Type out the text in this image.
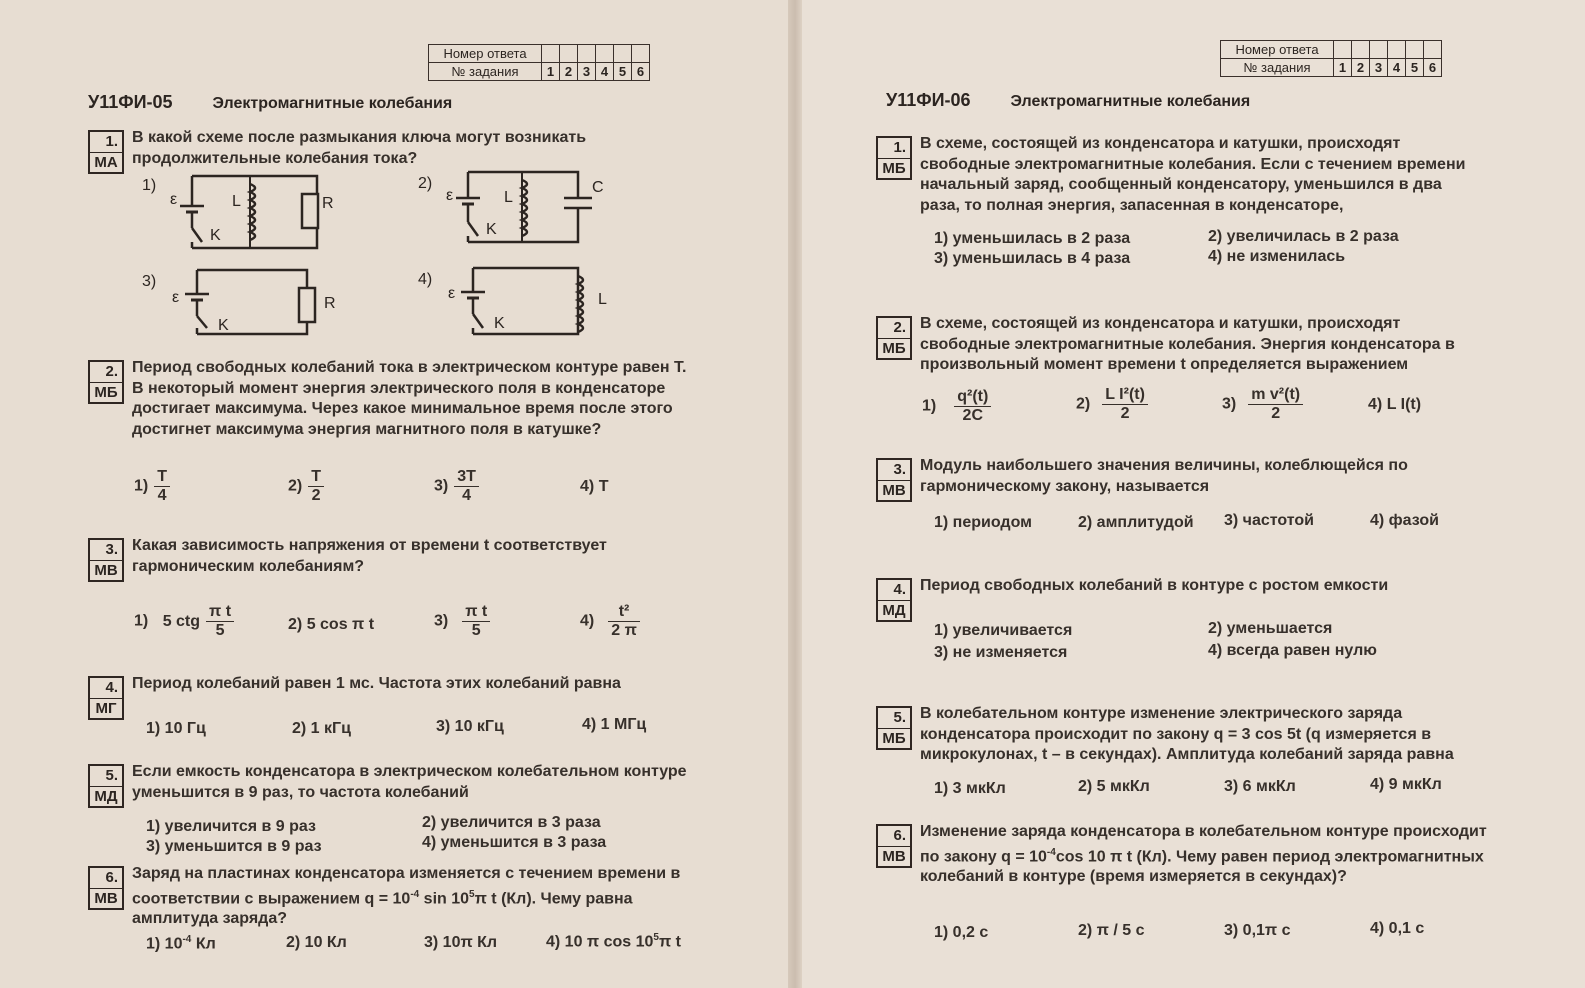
Номер ответа						
№ задания	1	2	3	4	5	6
У11ФИ-05	Электромагнитные колебания
1.
МА
В какой схеме после размыкания ключа могут возникать продолжительные колебания тока?
1)
ε	L	R
K
2)
ε	L
C
K
3)
ε	R
K
4)
ε	L
K
2.
МБ
Период свободных колебаний тока в электрическом контуре равен Т. В некоторый момент энергия электрического поля в конденсаторе достигает максимума. Через какое минимальное время после этого достигнет максимума энергия магнитного поля в катушке?
$1) \frac{T}{4}$	$2) \frac{T}{2}$	$3) \frac{3T}{4}$	4) T
3.
МВ
Какая зависимость напряжения от времени t соответствует гармоническим колебаниям?
1) 5 ctg $\frac{\text{π t}}{5}$	2) 5 cos π t	$3) \frac{\text{π t}}{5}$	$4) \frac{\text{t²}}{2 \pi}$
4.
МГ
Период колебаний равен 1 мс. Частота этих колебаний равна
1) 10 Гц	2) 1 кГц	3) 10 кГц	4) 1 МГц
5.
МД
Если емкость конденсатора в электрическом колебательном контуре уменьшится в 9 раз, то частота колебаний
1) увеличится в 9 раз	2) увеличится в 3 раза
3) уменьшится в 9 раз	4) уменьшится в 3 раза
6.
МВ
Заряд на пластинах конденсатора изменяется с течением времени в соответствии с выражением $q = 10^{-4}$ $\sin 10^5\pi$ t (Кл). Чему равна амплитуда заряда?
1) $10^{-4}$ Кл	2) 10 Кл	3) 10π Кл	4) 10 π $\cos 10^5\pi$ t
Номер ответа						
№ задания	1	2	3	4	5	6
У11ФИ-06	Электромагнитные колебания
1.
МБ
В схеме, состоящей из конденсатора и катушки, происходят свободные электромагнитные колебания. Если с течением времени начальный заряд, сообщенный конденсатору, уменьшился в два раза, то полная энергия, запасенная в конденсаторе,
1) уменьшилась в 2 раза	2) увеличилась в 2 раза
3) уменьшилась в 4 раза	4) не изменилась
2.
МБ
В схеме, состоящей из конденсатора и катушки, происходят свободные электромагнитные колебания. Энергия конденсатора в произвольный момент времени t определяется выражением
$1) \frac{\text{q²(t)}}{2C}$	$2) \frac{\text{L I²(t)}}{2}$	$3) \frac{\text{m v²(t)}}{2}$	4) L I(t)
3.
МВ
Модуль наибольшего значения величины, колеблющейся по гармоническому закону, называется
1) периодом	2) амплитудой 3) частотой	4) фазой
4.
МД
Период свободных колебаний в контуре с ростом емкости
1) увеличивается	2) уменьшается
3) не изменяется	4) всегда равен нулю
5.
МБ
В колебательном контуре изменение электрического заряда конденсатора происходит по закону q = 3 cos 5t (q измеряется в микрокулонах, t – в секундах). Амплитуда колебаний заряда равна
1) 3 мкКл	2) 5 мкКл	3) 6 мкКл	4) 9 мкКл
6.
МВ
Изменение заряда конденсатора в колебательном контуре происходит по закону $q = 10^{-4}\cos$ 10 π t (Кл). Чему равен период электромагнитных колебаний в контуре (время измеряется в секундах)?
1) 0,2 с	2) π / 5 с	3) 0,1π с	4) 0,1 с
